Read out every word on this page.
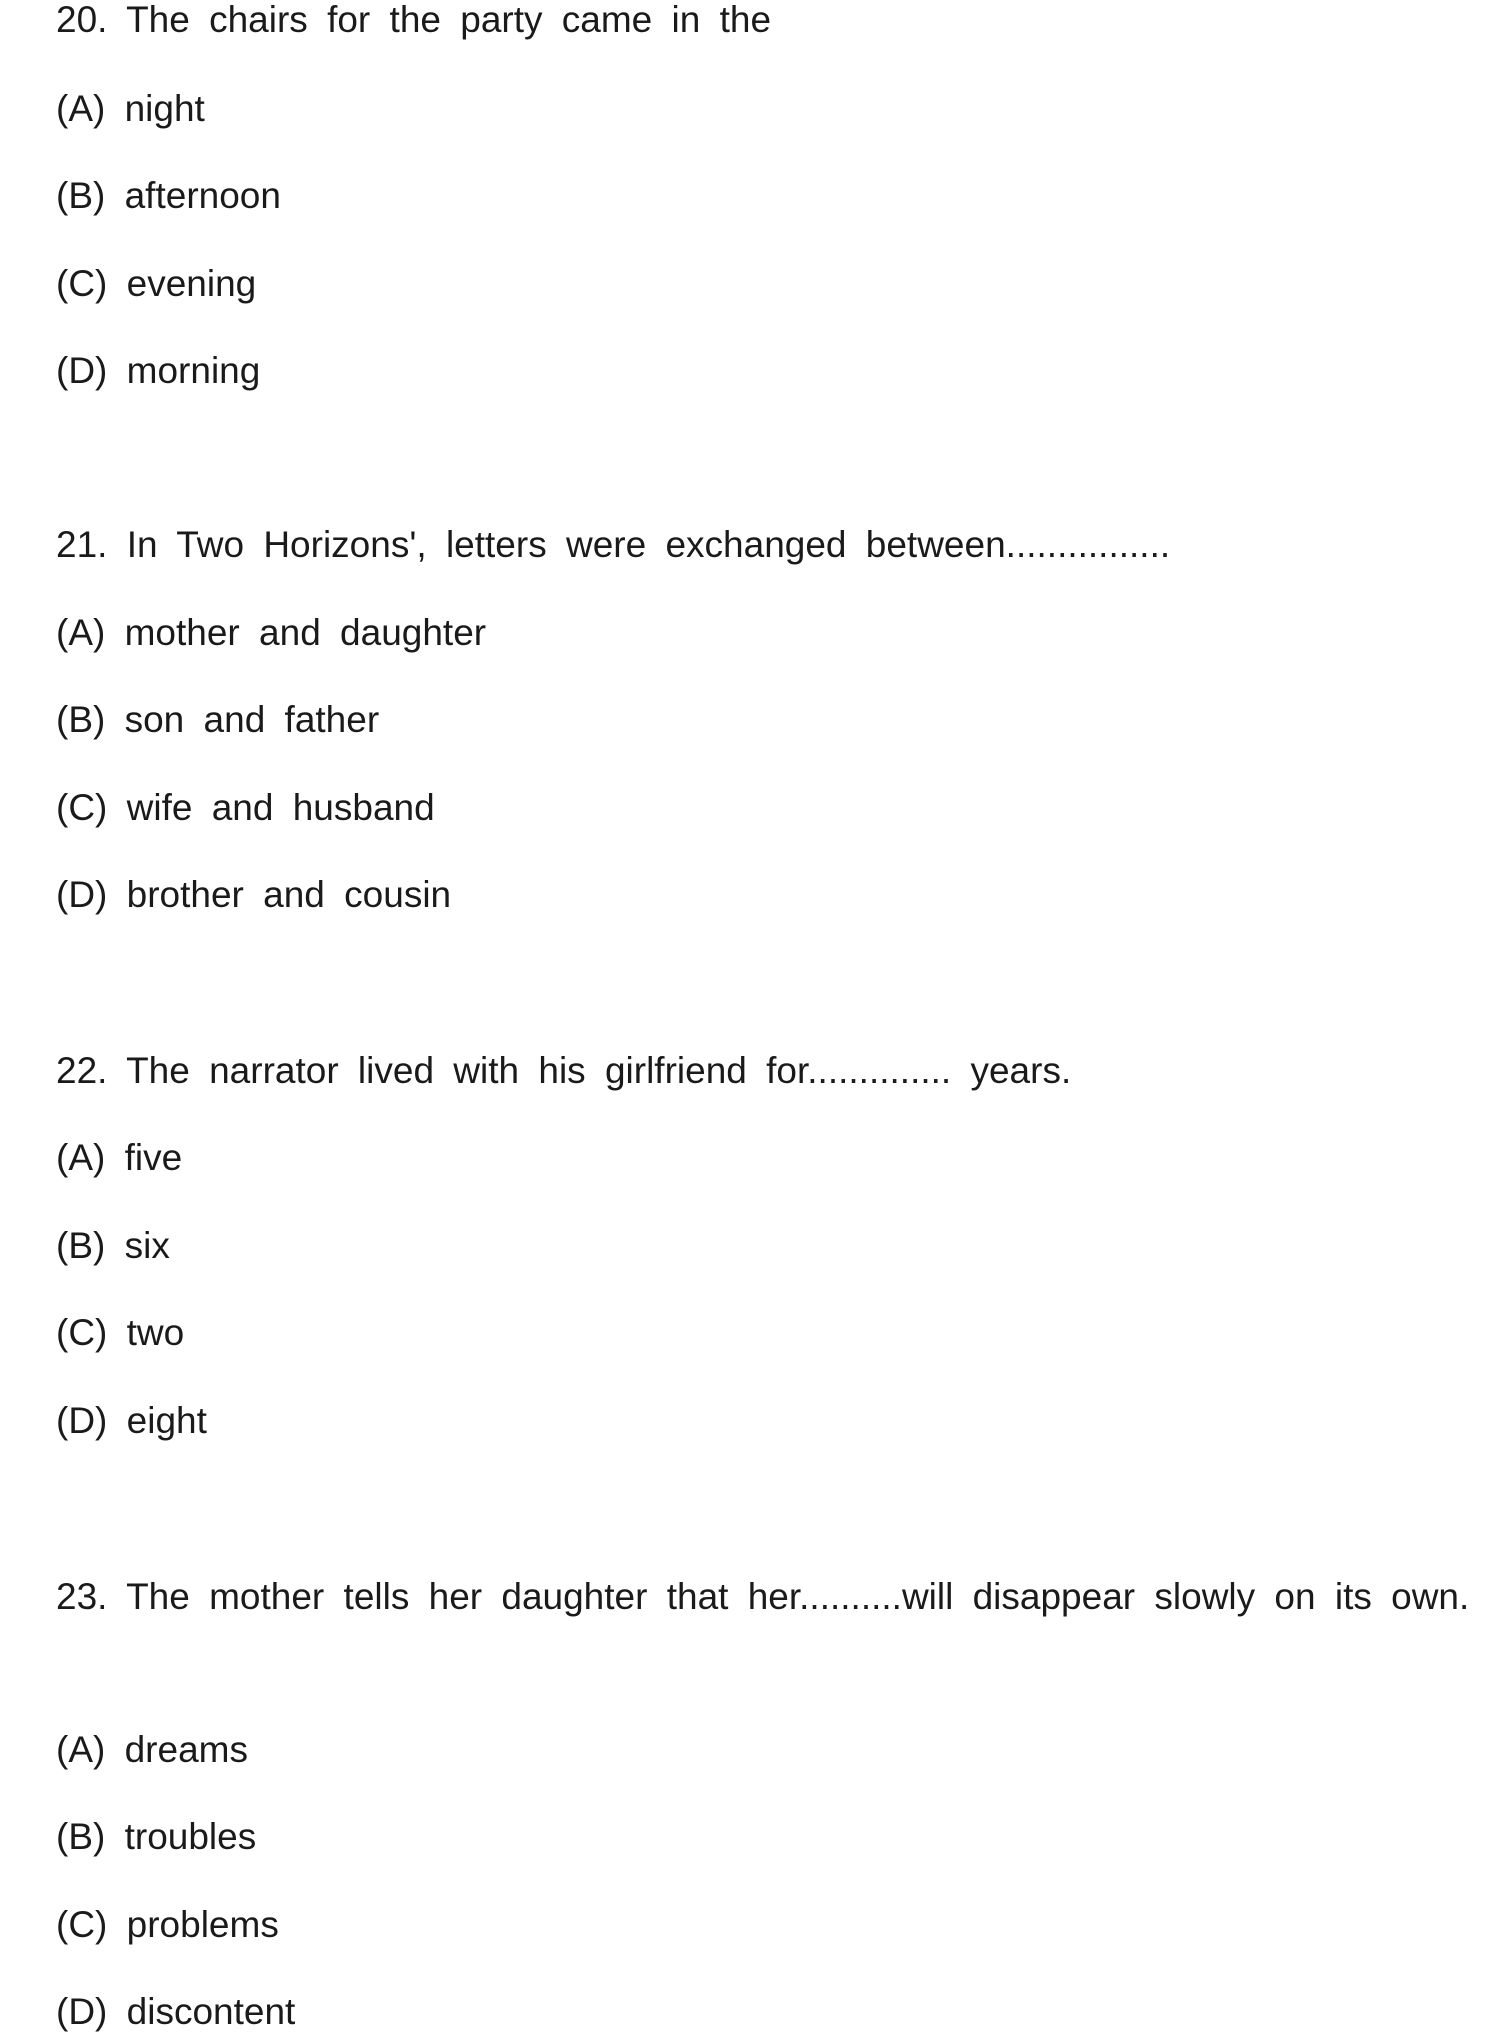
20. The chairs for the party came in the
(A) night
(B) afternoon
(C) evening
(D) morning
21. In Two Horizons', letters were exchanged between................
(A) mother and daughter
(B) son and father
(C) wife and husband
(D) brother and cousin
22. The narrator lived with his girlfriend for.............. years.
(A) five
(B) six
(C) two
(D) eight
23. The mother tells her daughter that her..........will disappear slowly on its own.
(A) dreams
(B) troubles
(C) problems
(D) discontent
